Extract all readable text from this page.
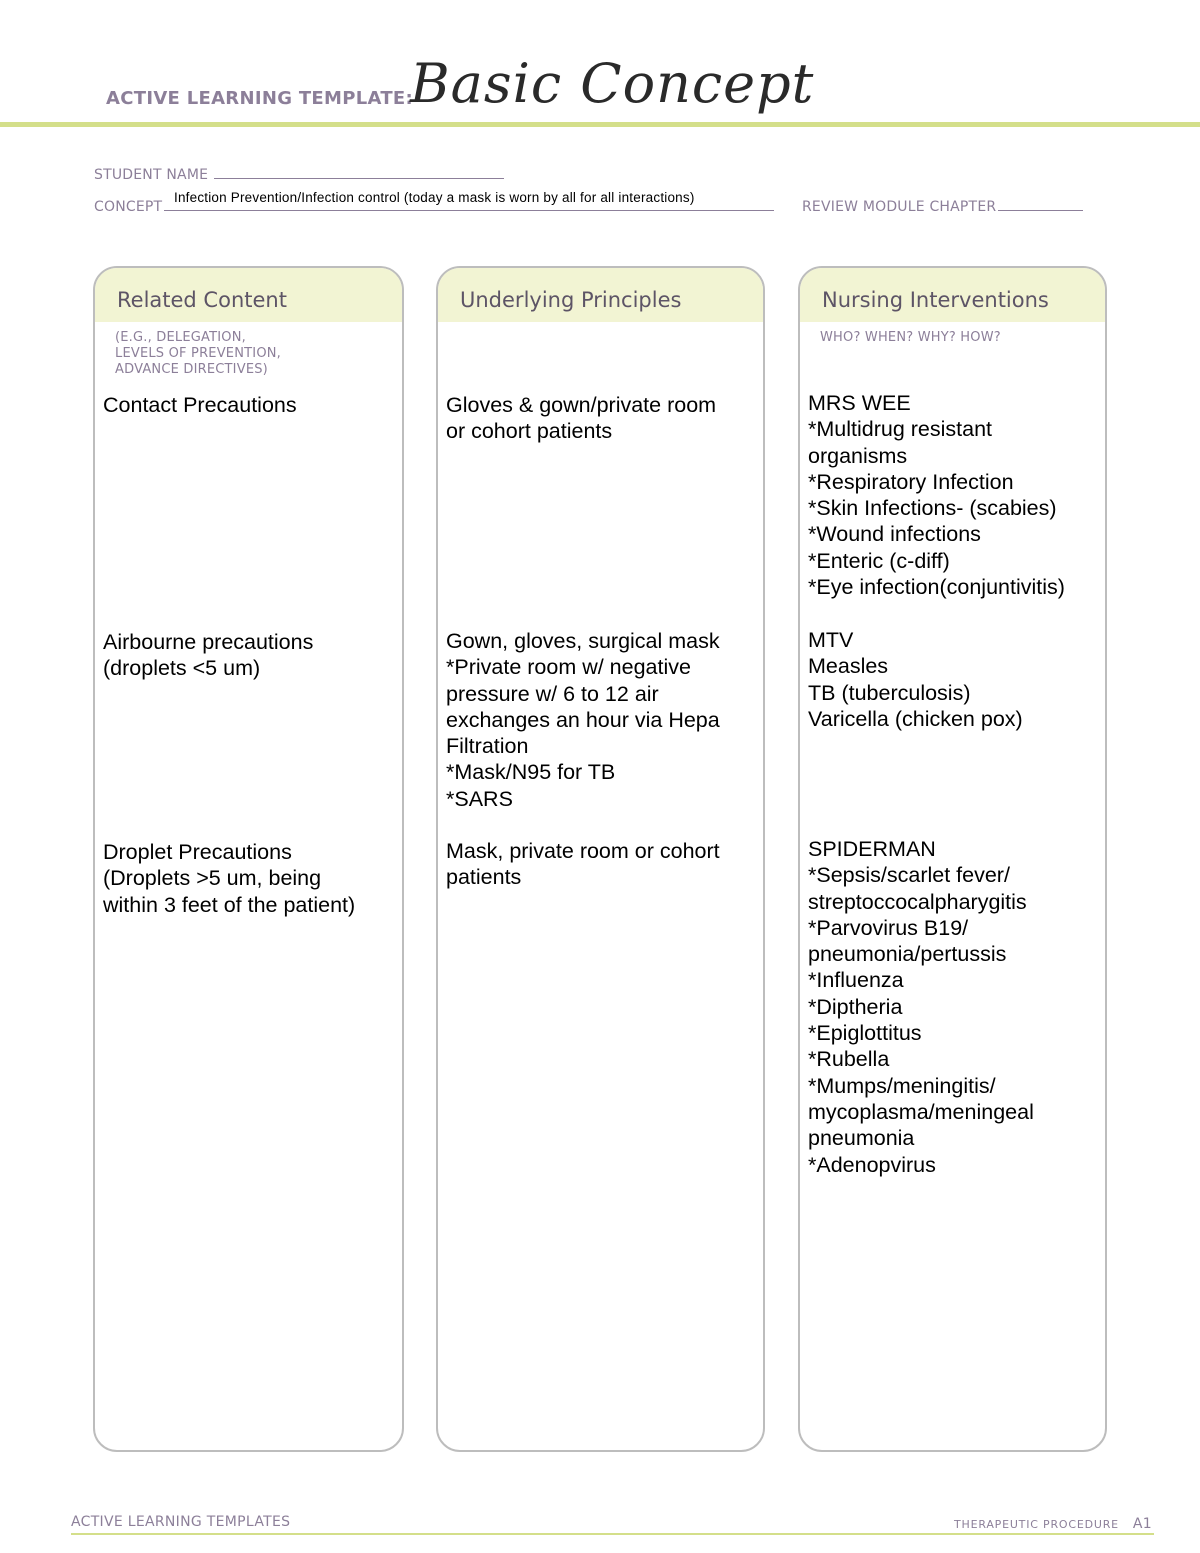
ACTIVE LEARNING TEMPLATE:
Basic Concept
STUDENT NAME
CONCEPT
Infection Prevention/Infection control (today a mask is worn by all for all interactions)
REVIEW MODULE CHAPTER
Related Content
(E.G., DELEGATION,
LEVELS OF PREVENTION,
ADVANCE DIRECTIVES)
Contact Precautions
Airbourne precautions
(droplets <5 um)
Droplet Precautions
(Droplets >5 um, being
within 3 feet of the patient)
Underlying Principles
Gloves & gown/private room
or cohort patients
Gown, gloves, surgical mask
*Private room w/ negative
pressure w/ 6 to 12 air
exchanges an hour via Hepa
Filtration
*Mask/N95 for TB
*SARS
Mask, private room or cohort
patients
Nursing Interventions
WHO? WHEN? WHY? HOW?
MRS WEE
*Multidrug resistant
organisms
*Respiratory Infection
*Skin Infections- (scabies)
*Wound infections
*Enteric (c-diff)
*Eye infection(conjuntivitis)
MTV
Measles
TB (tuberculosis)
Varicella (chicken pox)
SPIDERMAN
*Sepsis/scarlet fever/
streptoccocalpharygitis
*Parvovirus B19/
pneumonia/pertussis
*Influenza
*Diptheria
*Epiglottitus
*Rubella
*Mumps/meningitis/
mycoplasma/meningeal
pneumonia
*Adenopvirus
ACTIVE LEARNING TEMPLATES	THERAPEUTIC PROCEDURE A1
